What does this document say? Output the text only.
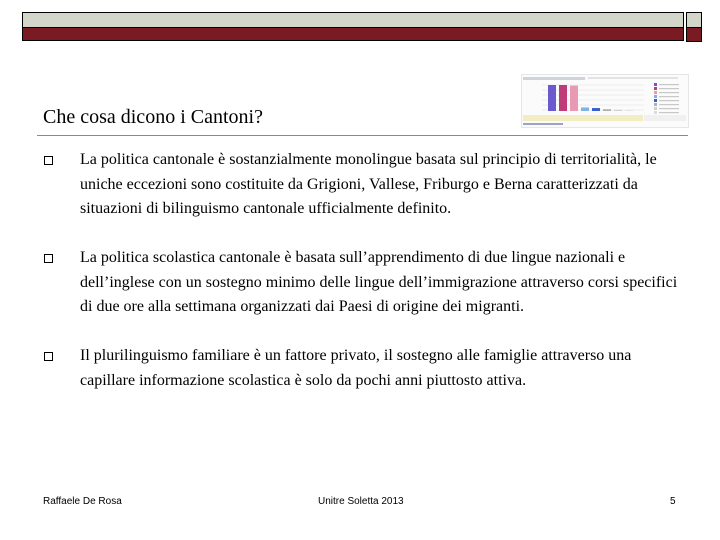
Che cosa dicono i Cantoni?
La politica cantonale è sostanzialmente monolingue basata sul principio di territorialità, le uniche eccezioni sono costituite da Grigioni, Vallese, Friburgo e Berna caratterizzati da situazioni di bilinguismo cantonale ufficialmente definito.
La politica scolastica cantonale è basata sull’apprendimento di due lingue nazionali e dell’inglese con un sostegno minimo delle lingue dell’immigrazione attraverso corsi specifici di due ore alla settimana organizzati dai Paesi di origine dei migranti.
Il plurilinguismo familiare è un fattore privato, il sostegno alle famiglie attraverso una capillare informazione scolastica è solo da pochi anni piuttosto attiva.
Raffaele De Rosa	Unitre Soletta 2013	5
